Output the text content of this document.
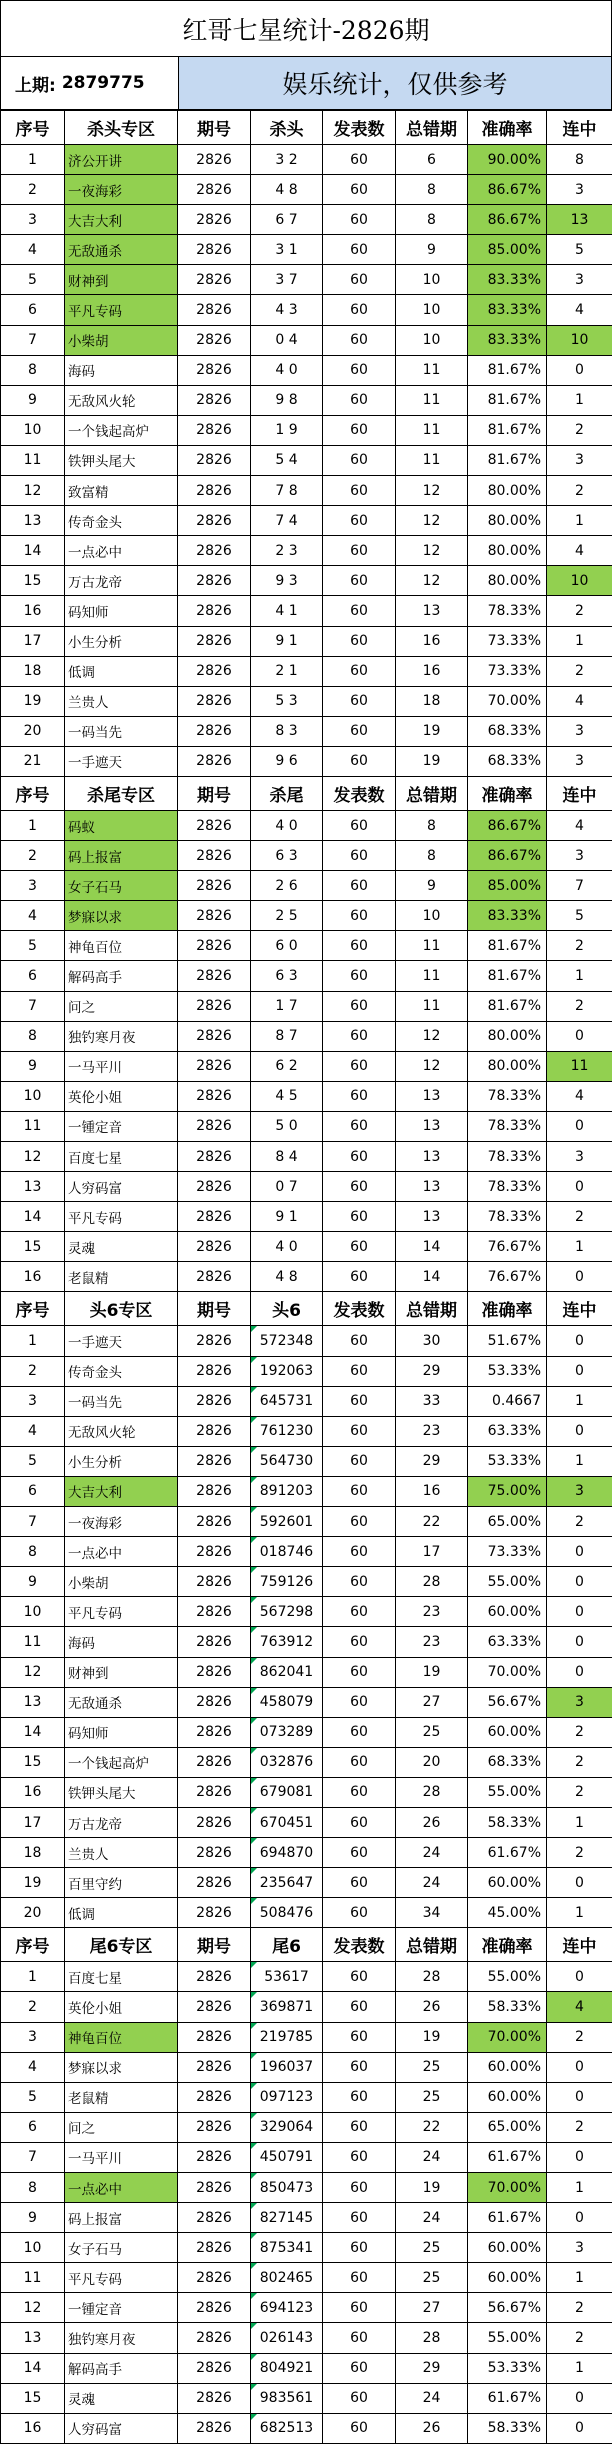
红哥七星统计-2826期
上期: 2879775	娱乐统计，仅供参考
序号	杀头专区	期号	杀头	发表数	总错期	准确率	连中
1	济公开讲	2826	3 2	60	6	90.00%	8
2	一夜海彩	2826	4 8	60	8	86.67%	3
3	大吉大利	2826	6 7	60	8	86.67%	13
4	无敌通杀	2826	3 1	60	9	85.00%	5
5	财神到	2826	3 7	60	10	83.33%	3
6	平凡专码	2826	4 3	60	10	83.33%	4
7	小柴胡	2826	0 4	60	10	83.33%	10
8	海码	2826	4 0	60	11	81.67%	0
9	无敌风火轮	2826	9 8	60	11	81.67%	1
10	一个钱起高炉	2826	1 9	60	11	81.67%	2
11	铁钾头尾大	2826	5 4	60	11	81.67%	3
12	致富精	2826	7 8	60	12	80.00%	2
13	传奇金头	2826	7 4	60	12	80.00%	1
14	一点必中	2826	2 3	60	12	80.00%	4
15	万古龙帝	2826	9 3	60	12	80.00%	10
16	码知师	2826	4 1	60	13	78.33%	2
17	小生分析	2826	9 1	60	16	73.33%	1
18	低调	2826	2 1	60	16	73.33%	2
19	兰贵人	2826	5 3	60	18	70.00%	4
20	一码当先	2826	8 3	60	19	68.33%	3
21	一手遮天	2826	9 6	60	19	68.33%	3
序号	杀尾专区	期号	杀尾	发表数	总错期	准确率	连中
1	码蚁	2826	4 0	60	8	86.67%	4
2	码上报富	2826	6 3	60	8	86.67%	3
3	女子石马	2826	2 6	60	9	85.00%	7
4	梦寐以求	2826	2 5	60	10	83.33%	5
5	神龟百位	2826	6 0	60	11	81.67%	2
6	解码高手	2826	6 3	60	11	81.67%	1
7	问之	2826	1 7	60	11	81.67%	2
8	独钓寒月夜	2826	8 7	60	12	80.00%	0
9	一马平川	2826	6 2	60	12	80.00%	11
10	英伦小姐	2826	4 5	60	13	78.33%	4
11	一锺定音	2826	5 0	60	13	78.33%	0
12	百度七星	2826	8 4	60	13	78.33%	3
13	人穷码富	2826	0 7	60	13	78.33%	0
14	平凡专码	2826	9 1	60	13	78.33%	2
15	灵魂	2826	4 0	60	14	76.67%	1
16	老鼠精	2826	4 8	60	14	76.67%	0
序号	头6专区	期号	头6	发表数	总错期	准确率	连中
1	一手遮天	2826	572348	60	30	51.67%	0
2	传奇金头	2826	192063	60	29	53.33%	0
3	一码当先	2826	645731	60	33	0.4667	1
4	无敌风火轮	2826	761230	60	23	63.33%	0
5	小生分析	2826	564730	60	29	53.33%	1
6	大吉大利	2826	891203	60	16	75.00%	3
7	一夜海彩	2826	592601	60	22	65.00%	2
8	一点必中	2826	018746	60	17	73.33%	0
9	小柴胡	2826	759126	60	28	55.00%	0
10	平凡专码	2826	567298	60	23	60.00%	0
11	海码	2826	763912	60	23	63.33%	0
12	财神到	2826	862041	60	19	70.00%	0
13	无敌通杀	2826	458079	60	27	56.67%	3
14	码知师	2826	073289	60	25	60.00%	2
15	一个钱起高炉	2826	032876	60	20	68.33%	2
16	铁钾头尾大	2826	679081	60	28	55.00%	2
17	万古龙帝	2826	670451	60	26	58.33%	1
18	兰贵人	2826	694870	60	24	61.67%	2
19	百里守约	2826	235647	60	24	60.00%	0
20	低调	2826	508476	60	34	45.00%	1
序号	尾6专区	期号	尾6	发表数	总错期	准确率	连中
1	百度七星	2826	53617	60	28	55.00%	0
2	英伦小姐	2826	369871	60	26	58.33%	4
3	神龟百位	2826	219785	60	19	70.00%	2
4	梦寐以求	2826	196037	60	25	60.00%	0
5	老鼠精	2826	097123	60	25	60.00%	0
6	问之	2826	329064	60	22	65.00%	2
7	一马平川	2826	450791	60	24	61.67%	0
8	一点必中	2826	850473	60	19	70.00%	1
9	码上报富	2826	827145	60	24	61.67%	0
10	女子石马	2826	875341	60	25	60.00%	3
11	平凡专码	2826	802465	60	25	60.00%	1
12	一锺定音	2826	694123	60	27	56.67%	2
13	独钓寒月夜	2826	026143	60	28	55.00%	2
14	解码高手	2826	804921	60	29	53.33%	1
15	灵魂	2826	983561	60	24	61.67%	0
16	人穷码富	2826	682513	60	26	58.33%	0
